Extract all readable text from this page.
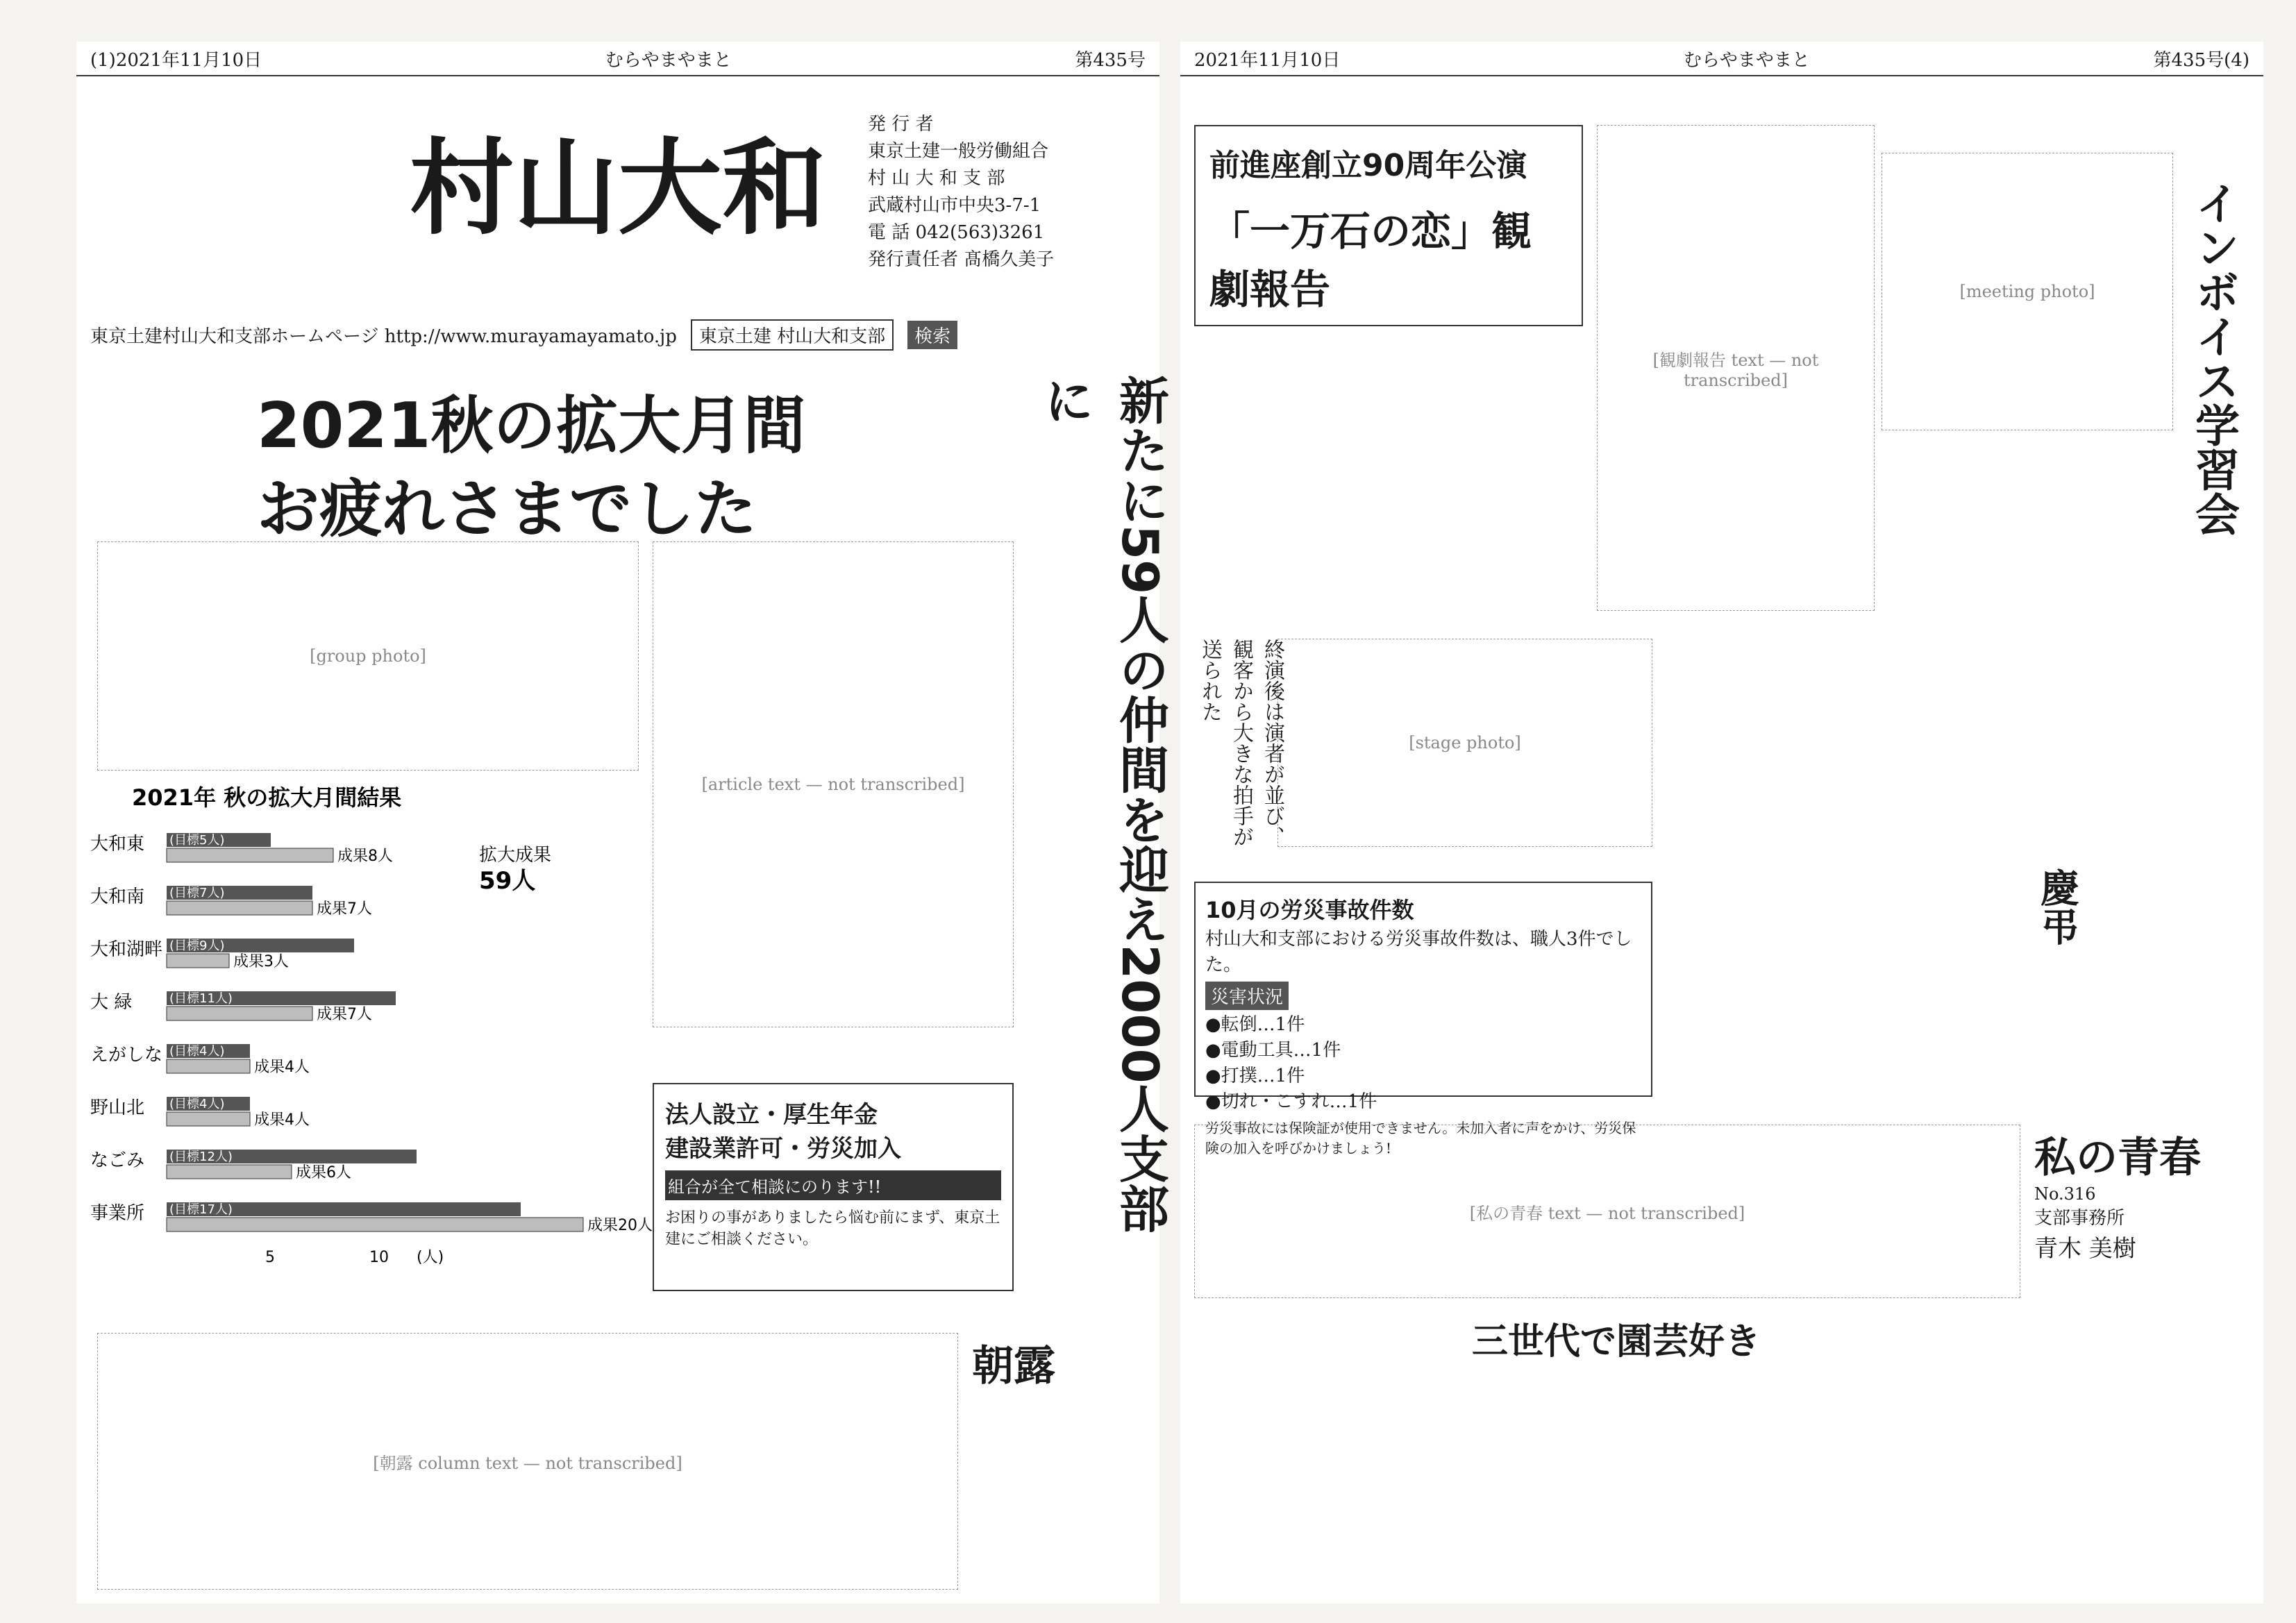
(1)2021年11月10日	むらやまやまと	第435号
村山大和
発 行 者
東京土建一般労働組合
村 山 大 和 支 部
武蔵村山市中央3-7-1
電 話 042(563)3261
発行責任者 髙橋久美子
東京土建村山大和支部ホームページ http://www.murayamayamato.jp	東京土建 村山大和支部	検索
2021秋の拡大月間
お疲れさまでした	新たに59人の仲間を迎え2000人支部に
[group photo]
[article text — not transcribed]
2021年 秋の拡大月間結果
大和東 (目標5人)
成果8人
大和南 (目標7人)
成果7人
大和湖畔 (目標9人)
成果3人
大 緑	(目標11人)
成果7人
えがしな (目標4人)
成果4人
野山北 (目標4人)
成果4人
なごみ (目標12人)
成果6人
事業所 (目標17人)
成果20人
5	10 (人)
拡大成果
59人
法人設立・厚生年金
建設業許可・労災加入
組合が全て相談にのります!!
お困りの事がありましたら悩む前にまず、東京土建にご相談ください。
朝露
[朝露 column text — not transcribed]
2021年11月10日	むらやまやまと	第435号(4)
前進座創立90周年公演
「一万石の恋」観劇報告
[stage photo]
終演後は演者が並び、観客から大きな拍手が送られた
インボイス学習会
[meeting photo]
10月の労災事故件数
村山大和支部における労災事故件数は、職人3件でした。
災害状況
●転倒…1件
●電動工具…1件
●打撲…1件
●切れ・こすれ…1件
労災事故には保険証が使用できません。未加入者に声をかけ、労災保険の加入を呼びかけましょう!
慶弔
私の青春
No.316
支部事務所
青木 美樹
三世代で園芸好き
[私の青春 text — not transcribed]
[観劇報告 text — not transcribed]
